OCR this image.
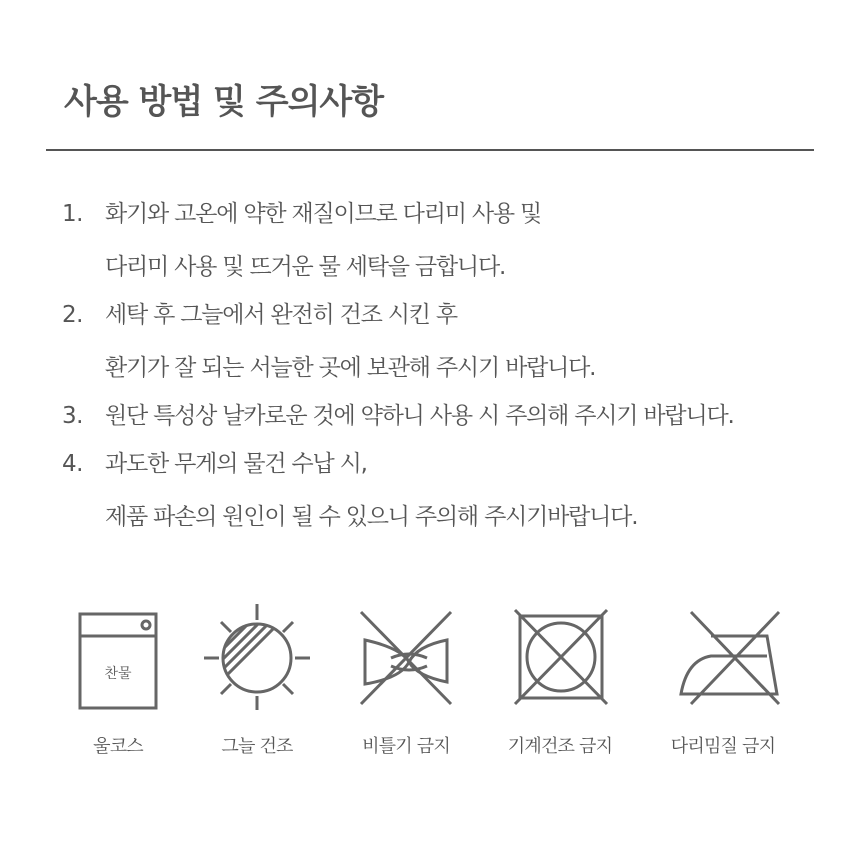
사용 방법 및 주의사항
1. 화기와 고온에 약한 재질이므로 다리미 사용 및
다리미 사용 및 뜨거운 물 세탁을 금합니다.
2. 세탁 후 그늘에서 완전히 건조 시킨 후
환기가 잘 되는 서늘한 곳에 보관해 주시기 바랍니다.
3. 원단 특성상 날카로운 것에 약하니 사용 시 주의해 주시기 바랍니다.
4. 과도한 무게의 물건 수납 시,
제품 파손의 원인이 될 수 있으니 주의해 주시기바랍니다.
찬물
울코스	그늘 건조	비틀기 금지	기계건조 금지	다리밈질 금지
